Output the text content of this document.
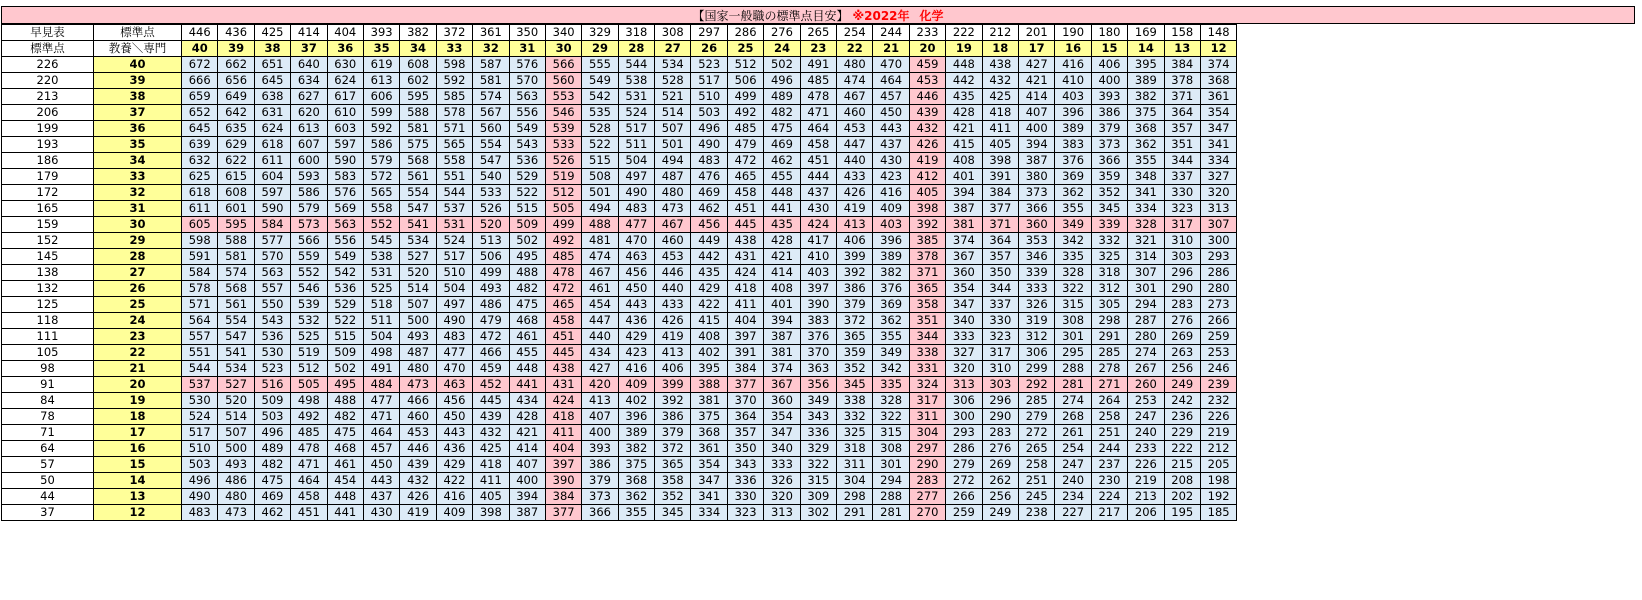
【国家一般職の標準点目安】 ※2022年 化学
早見表	標準点	446	436	425	414	404	393	382	372	361	350	340	329	318	308	297	286	276	265	254	244	233	222	212	201	190	180	169	158	148
標準点	教養＼専門	40	39	38	37	36	35	34	33	32	31	30	29	28	27	26	25	24	23	22	21	20	19	18	17	16	15	14	13	12
226	40	672	662	651	640	630	619	608	598	587	576	566	555	544	534	523	512	502	491	480	470	459	448	438	427	416	406	395	384	374
220	39	666	656	645	634	624	613	602	592	581	570	560	549	538	528	517	506	496	485	474	464	453	442	432	421	410	400	389	378	368
213	38	659	649	638	627	617	606	595	585	574	563	553	542	531	521	510	499	489	478	467	457	446	435	425	414	403	393	382	371	361
206	37	652	642	631	620	610	599	588	578	567	556	546	535	524	514	503	492	482	471	460	450	439	428	418	407	396	386	375	364	354
199	36	645	635	624	613	603	592	581	571	560	549	539	528	517	507	496	485	475	464	453	443	432	421	411	400	389	379	368	357	347
193	35	639	629	618	607	597	586	575	565	554	543	533	522	511	501	490	479	469	458	447	437	426	415	405	394	383	373	362	351	341
186	34	632	622	611	600	590	579	568	558	547	536	526	515	504	494	483	472	462	451	440	430	419	408	398	387	376	366	355	344	334
179	33	625	615	604	593	583	572	561	551	540	529	519	508	497	487	476	465	455	444	433	423	412	401	391	380	369	359	348	337	327
172	32	618	608	597	586	576	565	554	544	533	522	512	501	490	480	469	458	448	437	426	416	405	394	384	373	362	352	341	330	320
165	31	611	601	590	579	569	558	547	537	526	515	505	494	483	473	462	451	441	430	419	409	398	387	377	366	355	345	334	323	313
159	30	605	595	584	573	563	552	541	531	520	509	499	488	477	467	456	445	435	424	413	403	392	381	371	360	349	339	328	317	307
152	29	598	588	577	566	556	545	534	524	513	502	492	481	470	460	449	438	428	417	406	396	385	374	364	353	342	332	321	310	300
145	28	591	581	570	559	549	538	527	517	506	495	485	474	463	453	442	431	421	410	399	389	378	367	357	346	335	325	314	303	293
138	27	584	574	563	552	542	531	520	510	499	488	478	467	456	446	435	424	414	403	392	382	371	360	350	339	328	318	307	296	286
132	26	578	568	557	546	536	525	514	504	493	482	472	461	450	440	429	418	408	397	386	376	365	354	344	333	322	312	301	290	280
125	25	571	561	550	539	529	518	507	497	486	475	465	454	443	433	422	411	401	390	379	369	358	347	337	326	315	305	294	283	273
118	24	564	554	543	532	522	511	500	490	479	468	458	447	436	426	415	404	394	383	372	362	351	340	330	319	308	298	287	276	266
111	23	557	547	536	525	515	504	493	483	472	461	451	440	429	419	408	397	387	376	365	355	344	333	323	312	301	291	280	269	259
105	22	551	541	530	519	509	498	487	477	466	455	445	434	423	413	402	391	381	370	359	349	338	327	317	306	295	285	274	263	253
98	21	544	534	523	512	502	491	480	470	459	448	438	427	416	406	395	384	374	363	352	342	331	320	310	299	288	278	267	256	246
91	20	537	527	516	505	495	484	473	463	452	441	431	420	409	399	388	377	367	356	345	335	324	313	303	292	281	271	260	249	239
84	19	530	520	509	498	488	477	466	456	445	434	424	413	402	392	381	370	360	349	338	328	317	306	296	285	274	264	253	242	232
78	18	524	514	503	492	482	471	460	450	439	428	418	407	396	386	375	364	354	343	332	322	311	300	290	279	268	258	247	236	226
71	17	517	507	496	485	475	464	453	443	432	421	411	400	389	379	368	357	347	336	325	315	304	293	283	272	261	251	240	229	219
64	16	510	500	489	478	468	457	446	436	425	414	404	393	382	372	361	350	340	329	318	308	297	286	276	265	254	244	233	222	212
57	15	503	493	482	471	461	450	439	429	418	407	397	386	375	365	354	343	333	322	311	301	290	279	269	258	247	237	226	215	205
50	14	496	486	475	464	454	443	432	422	411	400	390	379	368	358	347	336	326	315	304	294	283	272	262	251	240	230	219	208	198
44	13	490	480	469	458	448	437	426	416	405	394	384	373	362	352	341	330	320	309	298	288	277	266	256	245	234	224	213	202	192
37	12	483	473	462	451	441	430	419	409	398	387	377	366	355	345	334	323	313	302	291	281	270	259	249	238	227	217	206	195	185
